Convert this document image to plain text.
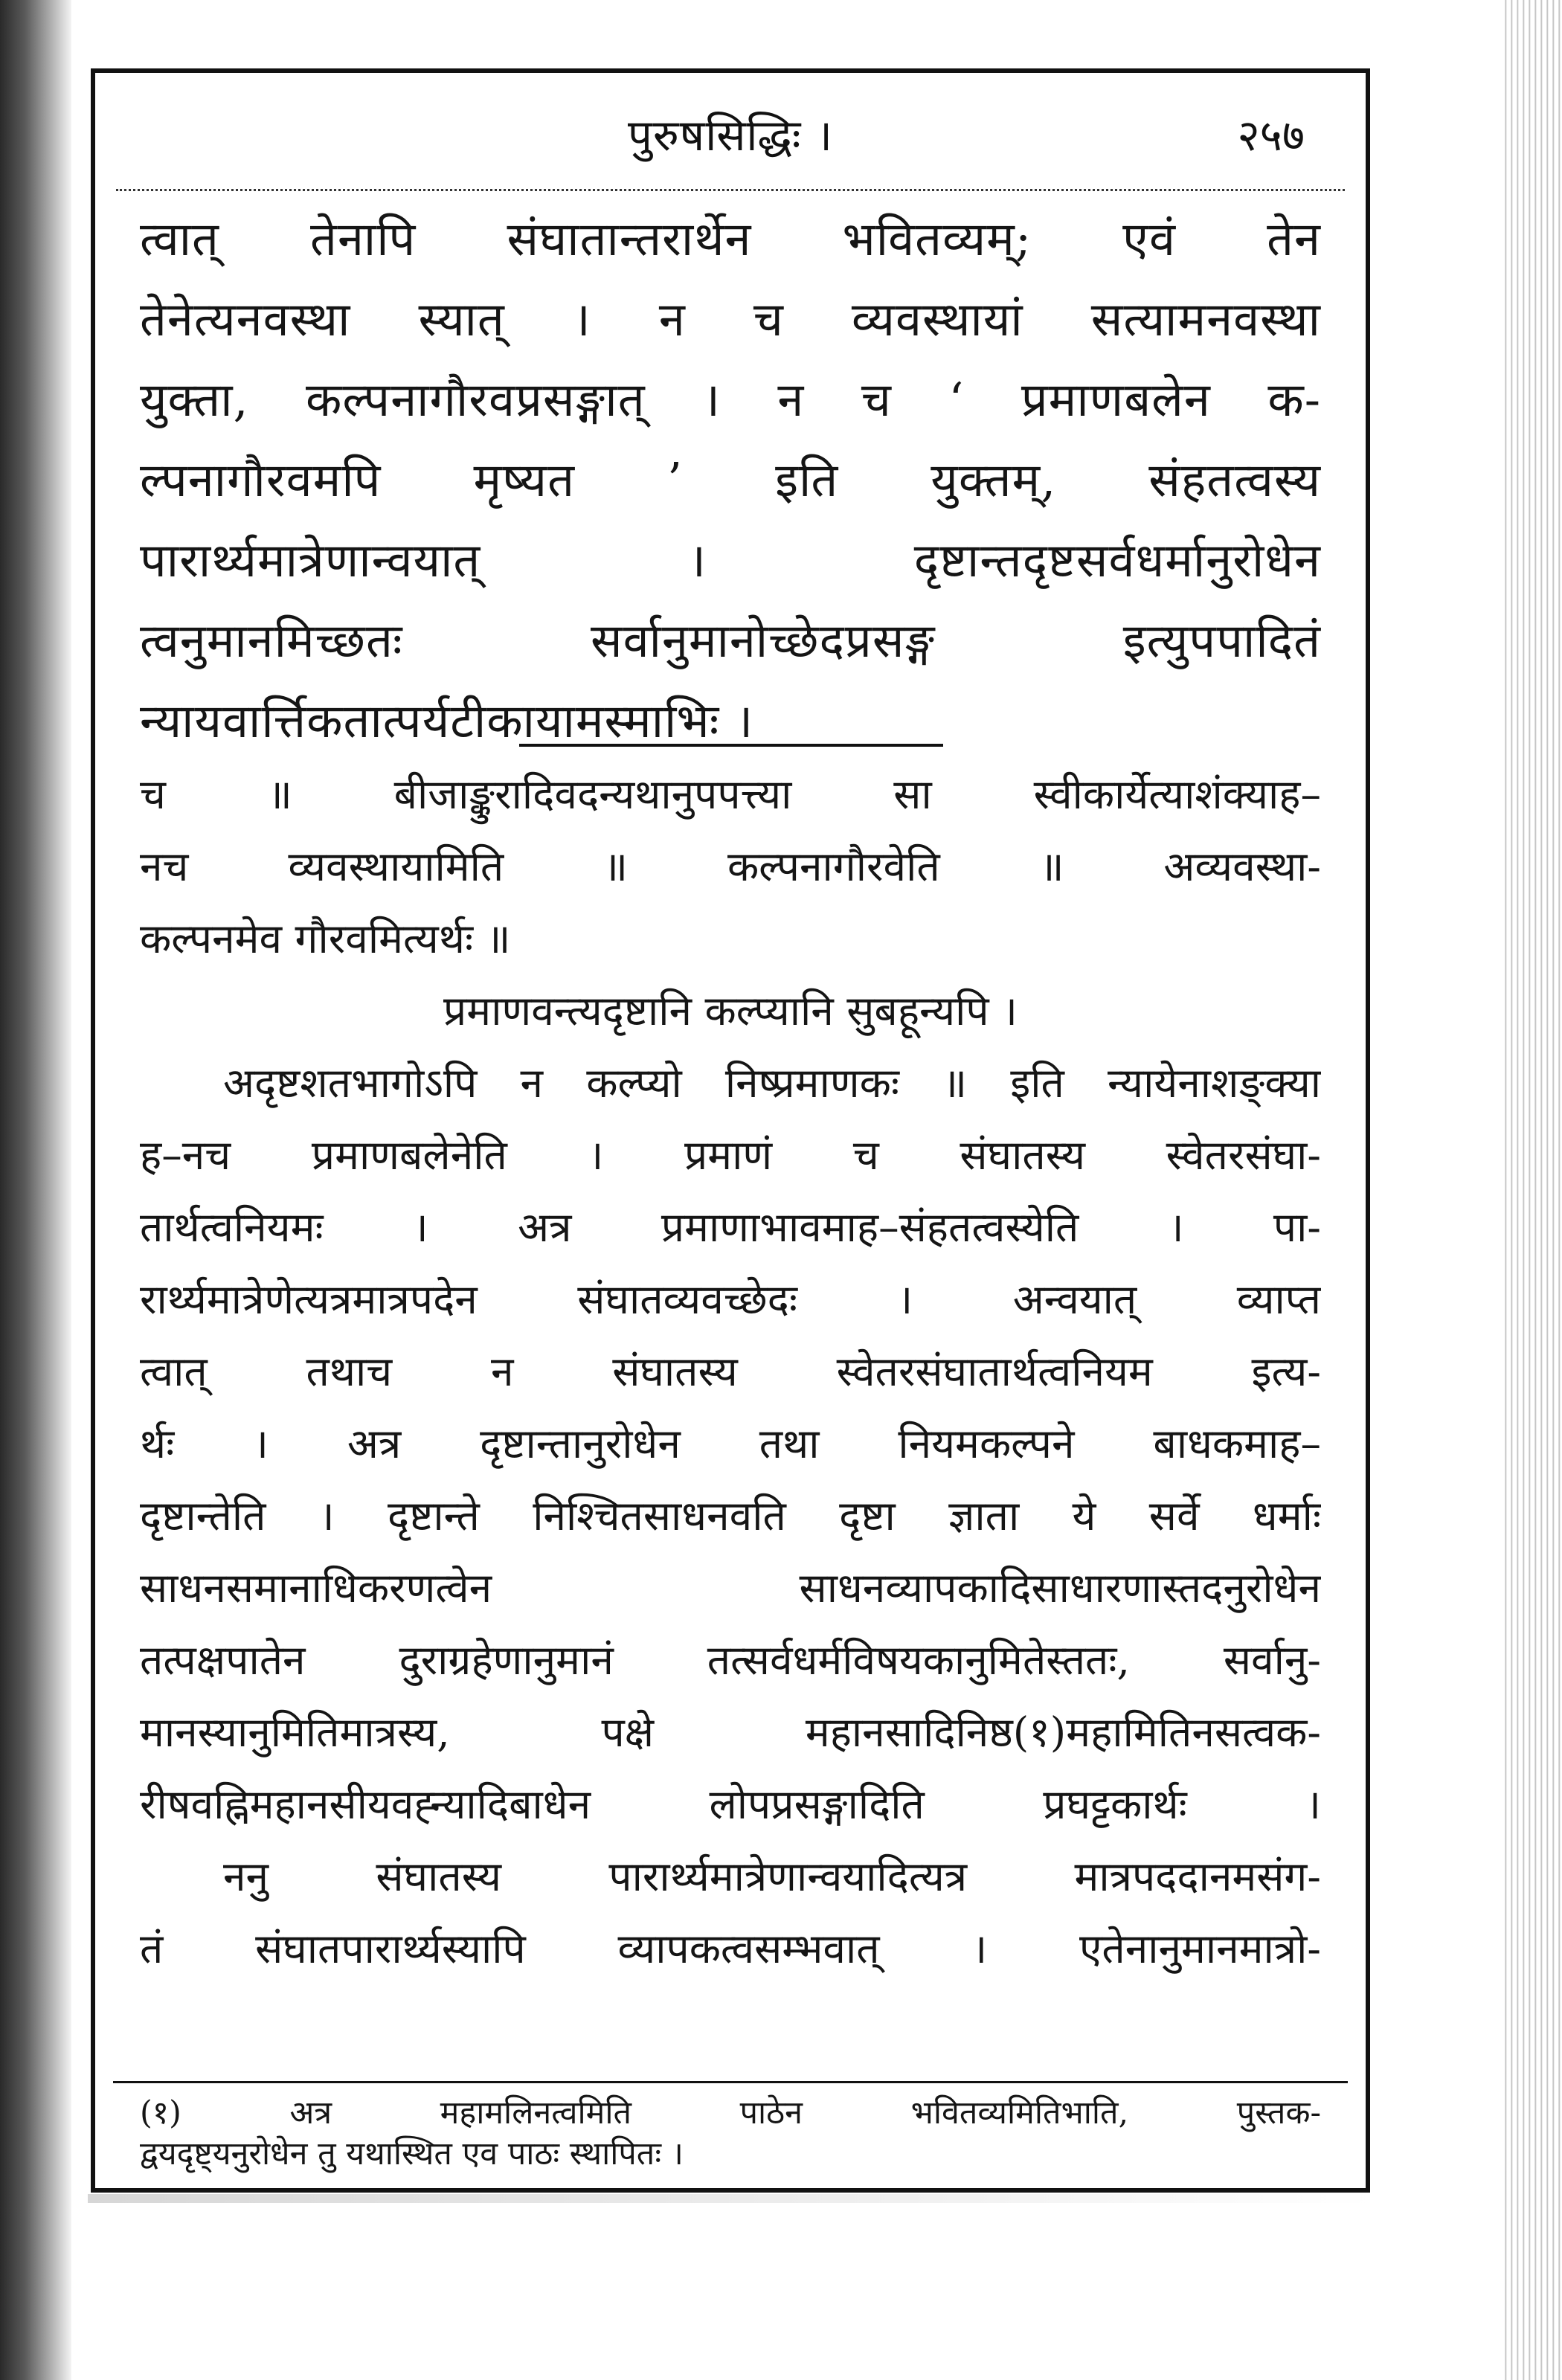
पुरुषसिद्धिः ।	२५७
त्वात् तेनापि संघातान्तरार्थेन भवितव्यम्; एवं तेन
तेनेत्यनवस्था स्यात् । न च व्यवस्थायां सत्यामनवस्था
युक्ता, कल्पनागौरवप्रसङ्गात् । न च ‘ प्रमाणबलेन क-
ल्पनागौरवमपि मृष्यत ’ इति युक्तम्, संहतत्वस्य
पारार्थ्यमात्रेणान्वयात् । दृष्टान्तदृष्टसर्वधर्मानुरोधेन
त्वनुमानमिच्छतः सर्वानुमानोच्छेदप्रसङ्ग इत्युपपादितं
न्यायवार्त्तिकतात्पर्यटीकायामस्माभिः ।
च ॥ बीजाङ्कुरादिवदन्यथानुपपत्त्या सा स्वीकार्येत्याशंक्याह–
नच व्यवस्थायामिति ॥ कल्पनागौरवेति ॥ अव्यवस्था-
कल्पनमेव गौरवमित्यर्थः ॥
प्रमाणवन्त्यदृष्टानि कल्प्यानि सुबहून्यपि ।
अदृष्टशतभागोऽपि न कल्प्यो निष्प्रमाणकः ॥ इति न्यायेनाशङ्क्या
ह–नच प्रमाणबलेनेति । प्रमाणं च संघातस्य स्वेतरसंघा-
तार्थत्वनियमः । अत्र प्रमाणाभावमाह–संहतत्वस्येति । पा-
रार्थ्यमात्रेणेत्यत्रमात्रपदेन संघातव्यवच्छेदः । अन्वयात् व्याप्त
त्वात् तथाच न संघातस्य स्वेतरसंघातार्थत्वनियम इत्य-
र्थः । अत्र दृष्टान्तानुरोधेन तथा नियमकल्पने बाधकमाह–
दृष्टान्तेति । दृष्टान्ते निश्चितसाधनवति दृष्टा ज्ञाता ये सर्वे धर्माः
साधनसमानाधिकरणत्वेन साधनव्यापकादिसाधारणास्तदनुरोधेन
तत्पक्षपातेन दुराग्रहेणानुमानं तत्सर्वधर्मविषयकानुमितेस्ततः, सर्वानु-
मानस्यानुमितिमात्रस्य, पक्षे महानसादिनिष्ठ(१)महामितिनसत्वक-
रीषवह्निमहानसीयवह्न्यादिबाधेन लोपप्रसङ्गादिति प्रघट्टकार्थः ।
ननु संघातस्य पारार्थ्यमात्रेणान्वयादित्यत्र मात्रपददानमसंग-
तं संघातपारार्थ्यस्यापि व्यापकत्वसम्भवात् । एतेनानुमानमात्रो-
(१) अत्र महामलिनत्वमिति पाठेन भवितव्यमितिभाति, पुस्तक-
द्वयदृष्ट्यनुरोधेन तु यथास्थित एव पाठः स्थापितः ।
